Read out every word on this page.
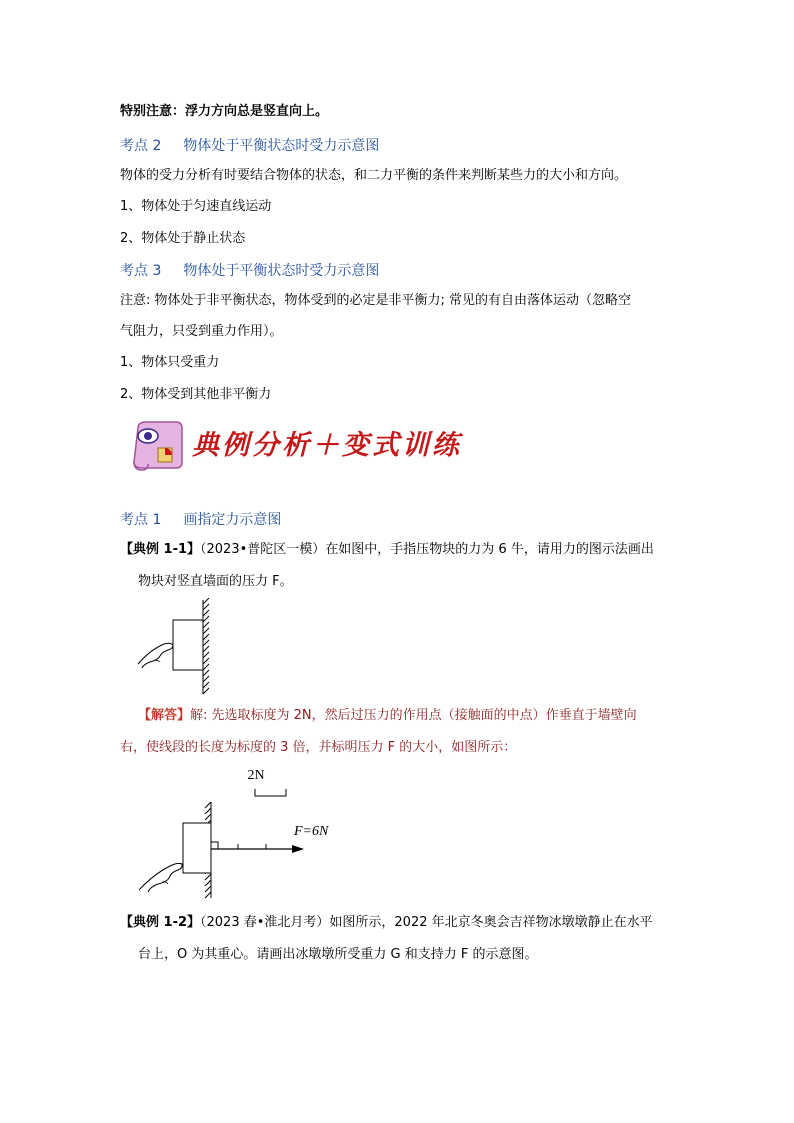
特别注意：浮力方向总是竖直向上。
考点 2 物体处于平衡状态时受力示意图
物体的受力分析有时要结合物体的状态，和二力平衡的条件来判断某些力的大小和方向。
1、物体处于匀速直线运动
2、物体处于静止状态
考点 3 物体处于平衡状态时受力示意图
注意: 物体处于非平衡状态，物体受到的必定是非平衡力; 常见的有自由落体运动（忽略空
气阻力，只受到重力作用）。
1、物体只受重力
2、物体受到其他非平衡力
典例分析＋变式训练
考点 1 画指定力示意图
【典例 1-1】（2023•普陀区一模）在如图中，手指压物块的力为 6 牛，请用力的图示法画出
物块对竖直墙面的压力 F。
【解答】解: 先选取标度为 2N，然后过压力的作用点（接触面的中点）作垂直于墙壁向
右，使线段的长度为标度的 3 倍，并标明压力 F 的大小，如图所示：
2N
F=6N
【典例 1-2】（2023 春•淮北月考）如图所示，2022 年北京冬奥会吉祥物冰墩墩静止在水平
台上，O 为其重心。请画出冰墩墩所受重力 G 和支持力 F 的示意图。
